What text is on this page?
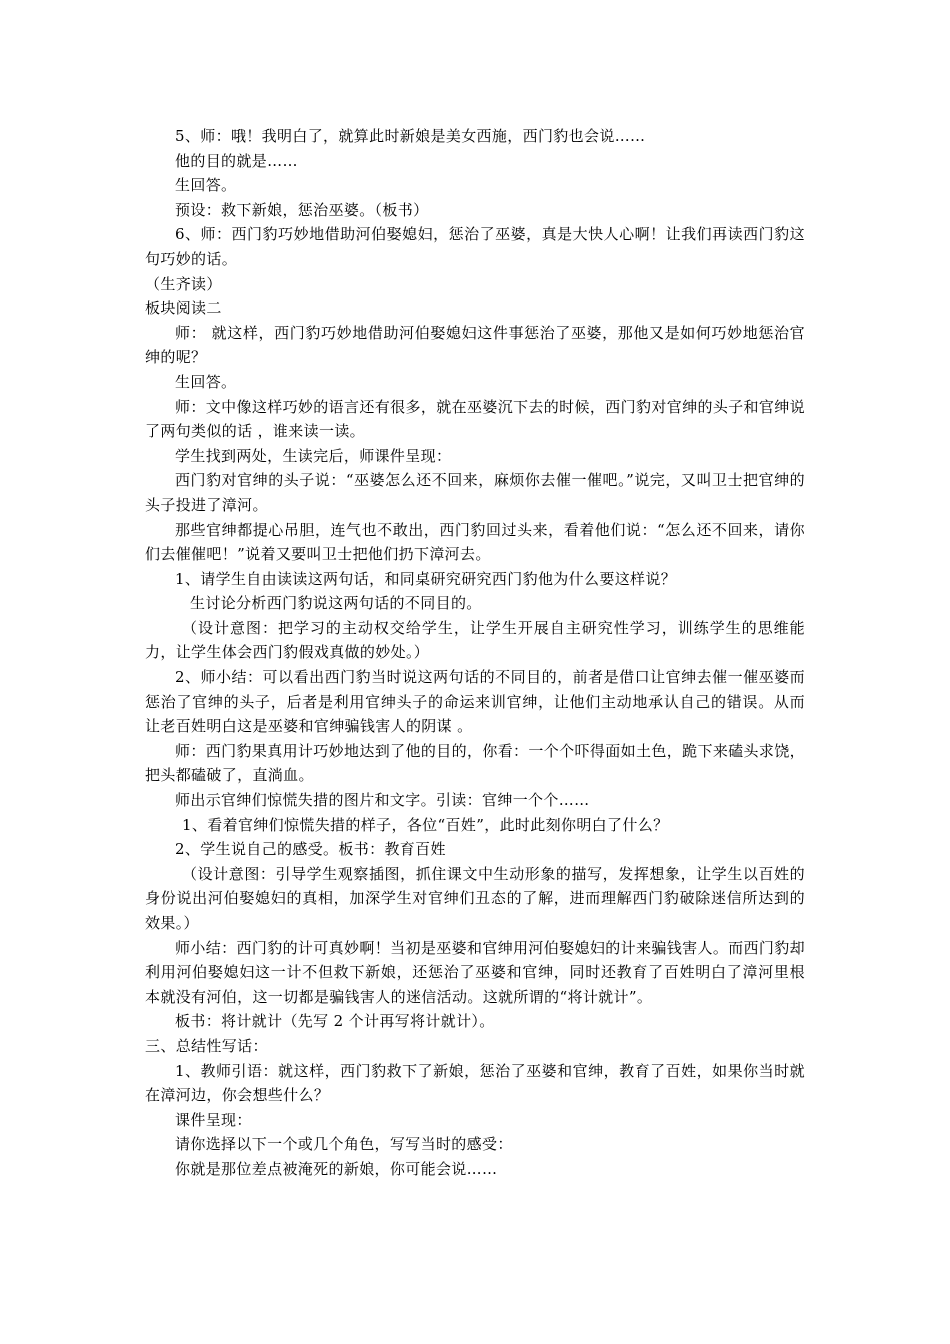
5、师：哦！我明白了，就算此时新娘是美女西施，西门豹也会说……

他的目的就是……

生回答。

预设：救下新娘，惩治巫婆。（板书）

6、师：西门豹巧妙地借助河伯娶媳妇，惩治了巫婆，真是大快人心啊！让我们再读西门豹这句巧妙的话。

（生齐读）

板块阅读二

师： 就这样，西门豹巧妙地借助河伯娶媳妇这件事惩治了巫婆，那他又是如何巧妙地惩治官绅的呢？

生回答。

师：文中像这样巧妙的语言还有很多，就在巫婆沉下去的时候，西门豹对官绅的头子和官绅说了两句类似的话 ，谁来读一读。

学生找到两处，生读完后，师课件呈现：

西门豹对官绅的头子说：“巫婆怎么还不回来，麻烦你去催一催吧。”说完，又叫卫士把官绅的头子投进了漳河。

那些官绅都提心吊胆，连气也不敢出，西门豹回过头来，看着他们说：“怎么还不回来，请你们去催催吧！”说着又要叫卫士把他们扔下漳河去。

1、请学生自由读读这两句话，和同桌研究研究西门豹他为什么要这样说？

生讨论分析西门豹说这两句话的不同目的。

（设计意图：把学习的主动权交给学生，让学生开展自主研究性学习，训练学生的思维能力，让学生体会西门豹假戏真做的妙处。）

2、师小结：可以看出西门豹当时说这两句话的不同目的，前者是借口让官绅去催一催巫婆而惩治了官绅的头子，后者是利用官绅头子的命运来训官绅，让他们主动地承认自己的错误。从而让老百姓明白这是巫婆和官绅骗钱害人的阴谋 。

师：西门豹果真用计巧妙地达到了他的目的，你看：一个个吓得面如土色，跪下来磕头求饶，把头都磕破了，直淌血。

师出示官绅们惊慌失措的图片和文字。引读：官绅一个个……

1、看着官绅们惊慌失措的样子，各位“百姓”，此时此刻你明白了什么？

2、学生说自己的感受。板书：教育百姓

（设计意图：引导学生观察插图，抓住课文中生动形象的描写，发挥想象，让学生以百姓的身份说出河伯娶媳妇的真相，加深学生对官绅们丑态的了解，进而理解西门豹破除迷信所达到的效果。）

师小结：西门豹的计可真妙啊！当初是巫婆和官绅用河伯娶媳妇的计来骗钱害人。而西门豹却利用河伯娶媳妇这一计不但救下新娘，还惩治了巫婆和官绅，同时还教育了百姓明白了漳河里根本就没有河伯，这一切都是骗钱害人的迷信活动。这就所谓的“将计就计”。

板书：将计就计（先写 2 个计再写将计就计）。

三、总结性写话：

1、教师引语：就这样，西门豹救下了新娘，惩治了巫婆和官绅，教育了百姓，如果你当时就在漳河边，你会想些什么？

课件呈现：

请你选择以下一个或几个角色，写写当时的感受：

你就是那位差点被淹死的新娘，你可能会说……
